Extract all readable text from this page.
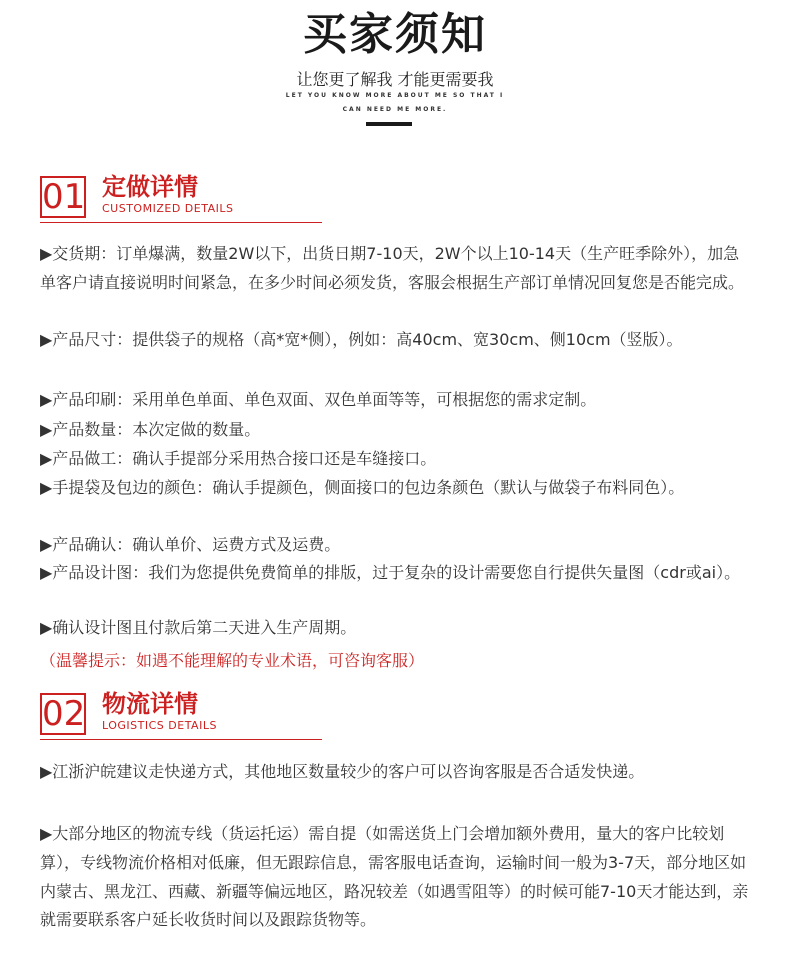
买家须知
让您更了解我 才能更需要我
LET YOU KNOW MORE ABOUT ME SO THAT I
CAN NEED ME MORE.
01 定做详情
CUSTOMIZED DETAILS
▶交货期：订单爆满，数量2W以下，出货日期7-10天，2W个以上10-14天（生产旺季除外），加急单客户请直接说明时间紧急，在多少时间必须发货，客服会根据生产部订单情况回复您是否能完成。
▶产品尺寸：提供袋子的规格（高*宽*侧），例如：高40cm、宽30cm、侧10cm（竖版）。
▶产品印刷：采用单色单面、单色双面、双色单面等等，可根据您的需求定制。
▶产品数量：本次定做的数量。
▶产品做工：确认手提部分采用热合接口还是车缝接口。
▶手提袋及包边的颜色：确认手提颜色，侧面接口的包边条颜色（默认与做袋子布料同色）。
▶产品确认：确认单价、运费方式及运费。
▶产品设计图：我们为您提供免费简单的排版，过于复杂的设计需要您自行提供矢量图（cdr或ai）。
▶确认设计图且付款后第二天进入生产周期。
（温馨提示：如遇不能理解的专业术语，可咨询客服）
02 物流详情
LOGISTICS DETAILS
▶江浙沪皖建议走快递方式，其他地区数量较少的客户可以咨询客服是否合适发快递。
▶大部分地区的物流专线（货运托运）需自提（如需送货上门会增加额外费用，量大的客户比较划算），专线物流价格相对低廉，但无跟踪信息，需客服电话查询，运输时间一般为3-7天，部分地区如内蒙古、黑龙江、西藏、新疆等偏远地区，路况较差（如遇雪阻等）的时候可能7-10天才能达到，亲就需要联系客户延长收货时间以及跟踪货物等。
